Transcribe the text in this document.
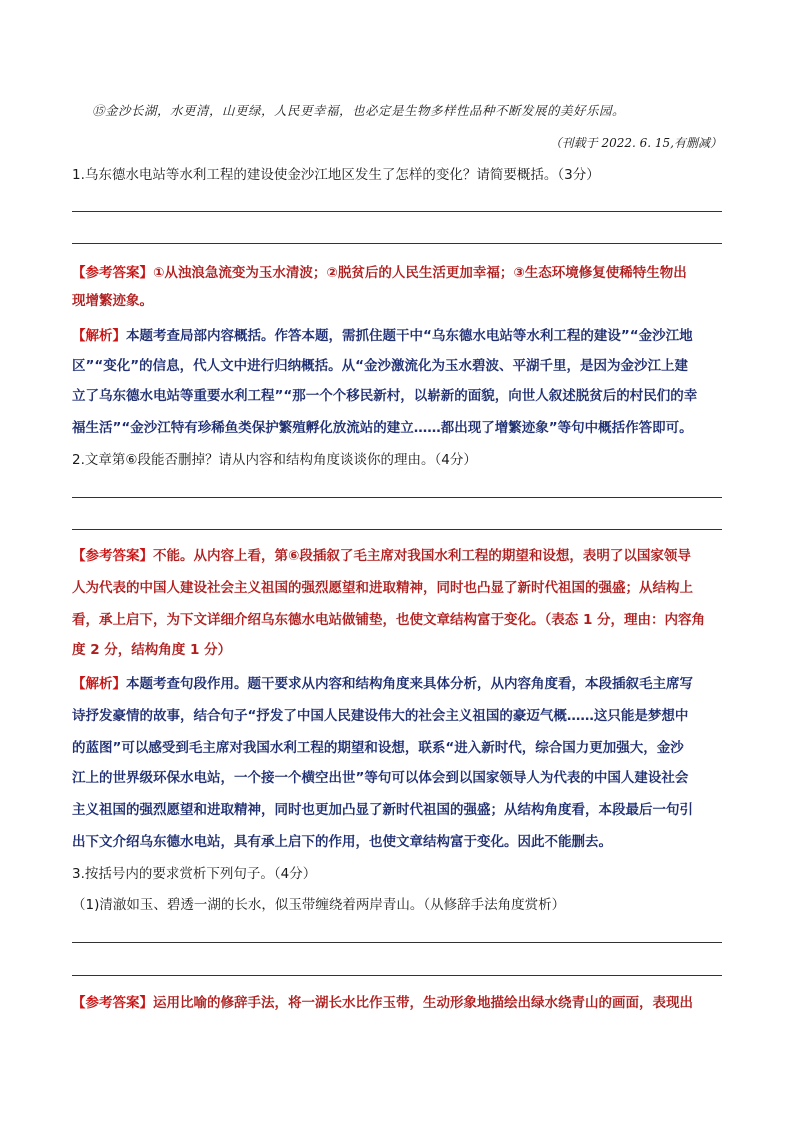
⑮金沙长湖，水更清，山更绿，人民更幸福，也必定是生物多样性品种不断发展的美好乐园。
（刊载于 2022. 6. 15,有删减）
1.乌东德水电站等水利工程的建设使金沙江地区发生了怎样的变化？请简要概括。（3分）
【参考答案】①从浊浪急流变为玉水清波；②脱贫后的人民生活更加幸福；③生态环境修复使稀特生物出
现增繁迹象。
【解析】本题考查局部内容概括。作答本题，需抓住题干中“乌东德水电站等水利工程的建设”“金沙江地
区”“变化”的信息，代人文中进行归纳概括。从“金沙激流化为玉水碧波、平湖千里，是因为金沙江上建
立了乌东德水电站等重要水利工程”“那一个个移民新村，以崭新的面貌，向世人叙述脱贫后的村民们的幸
福生活”“金沙江特有珍稀鱼类保护繁殖孵化放流站的建立……都出现了增繁迹象”等句中概括作答即可。
2.文章第⑥段能否删掉？请从内容和结构角度谈谈你的理由。（4分）
【参考答案】不能。从内容上看，第⑥段插叙了毛主席对我国水利工程的期望和设想，表明了以国家领导
人为代表的中国人建设社会主义祖国的强烈愿望和进取精神，同时也凸显了新时代祖国的强盛；从结构上
看，承上启下，为下文详细介绍乌东德水电站做铺垫，也使文章结构富于变化。（表态 1 分，理由：内容角
度 2 分，结构角度 1 分）
【解析】本题考查句段作用。题干要求从内容和结构角度来具体分析，从内容角度看，本段插叙毛主席写
诗抒发豪情的故事，结合句子“抒发了中国人民建设伟大的社会主义祖国的豪迈气概……这只能是梦想中
的蓝图”可以感受到毛主席对我国水利工程的期望和设想，联系“进入新时代，综合国力更加强大，金沙
江上的世界级环保水电站，一个接一个横空出世”等句可以体会到以国家领导人为代表的中国人建设社会
主义祖国的强烈愿望和进取精神，同时也更加凸显了新时代祖国的强盛；从结构角度看，本段最后一句引
出下文介绍乌东德水电站，具有承上启下的作用，也使文章结构富于变化。因此不能删去。
3.按括号内的要求赏析下列句子。（4分）
（1)清澈如玉、碧透一湖的长水，似玉带缠绕着两岸青山。（从修辞手法角度赏析）
【参考答案】运用比喻的修辞手法，将一湖长水比作玉带，生动形象地描绘出绿水绕青山的画面，表现出
